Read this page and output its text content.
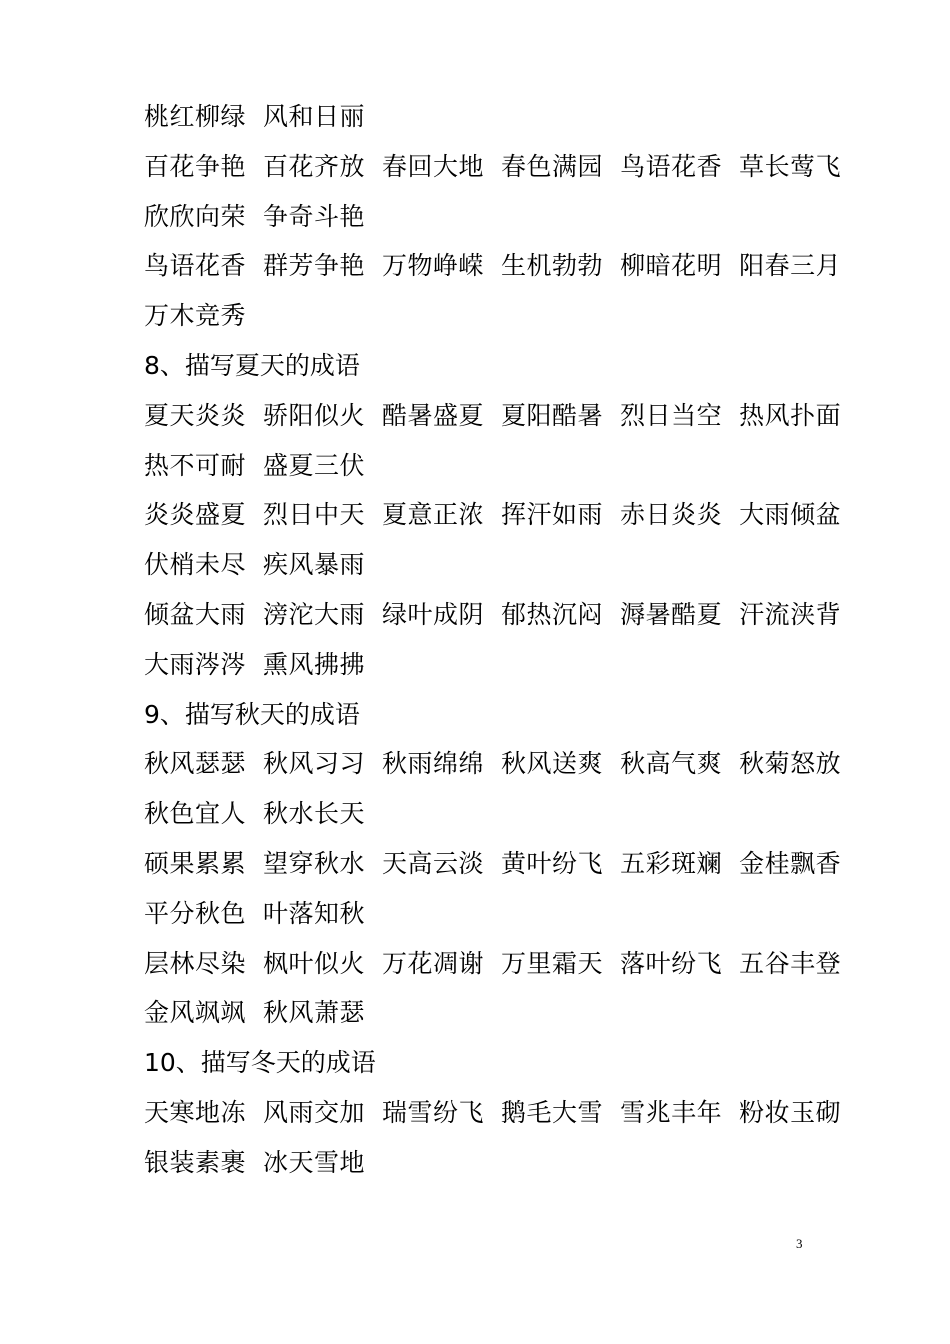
桃红柳绿 风和日丽
百花争艳 百花齐放 春回大地 春色满园 鸟语花香 草长莺飞
欣欣向荣 争奇斗艳
鸟语花香 群芳争艳 万物峥嵘 生机勃勃 柳暗花明 阳春三月
万木竞秀
8、描写夏天的成语
夏天炎炎 骄阳似火 酷暑盛夏 夏阳酷暑 烈日当空 热风扑面
热不可耐 盛夏三伏
炎炎盛夏 烈日中天 夏意正浓 挥汗如雨 赤日炎炎 大雨倾盆
伏梢未尽 疾风暴雨
倾盆大雨 滂沱大雨 绿叶成阴 郁热沉闷 溽暑酷夏 汗流浃背
大雨涔涔 熏风拂拂
9、描写秋天的成语
秋风瑟瑟 秋风习习 秋雨绵绵 秋风送爽 秋高气爽 秋菊怒放
秋色宜人 秋水长天
硕果累累 望穿秋水 天高云淡 黄叶纷飞 五彩斑斓 金桂飘香
平分秋色 叶落知秋
层林尽染 枫叶似火 万花凋谢 万里霜天 落叶纷飞 五谷丰登
金风飒飒 秋风萧瑟
10、描写冬天的成语
天寒地冻 风雨交加 瑞雪纷飞 鹅毛大雪 雪兆丰年 粉妆玉砌
银装素裹 冰天雪地
3
